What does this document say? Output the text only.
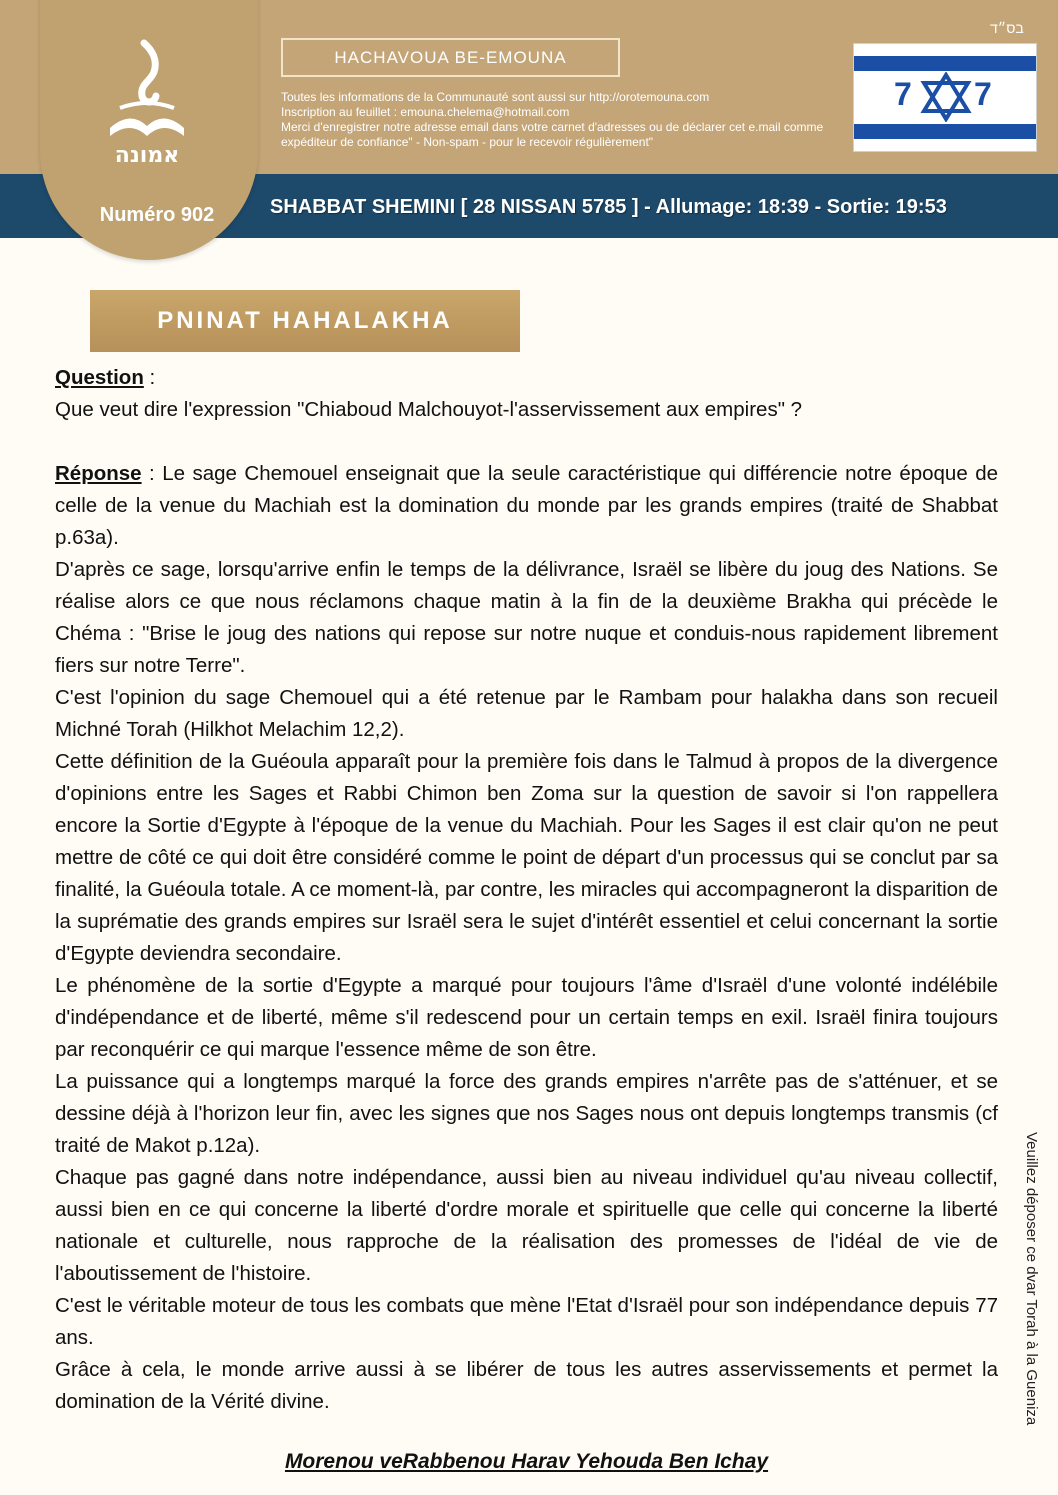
אמונה
Numéro 902
HACHAVOUA BE-EMOUNA
Toutes les informations de la Communauté sont aussi sur http://orotemouna.com
Inscription au feuillet : emouna.chelema@hotmail.com
Merci d'enregistrer notre adresse email dans votre carnet d'adresses ou de déclarer cet e.mail comme
expéditeur de confiance" - Non-spam - pour le recevoir régulièrement"
בס״ד
7 7
SHABBAT SHEMINI [ 28 NISSAN 5785 ] - Allumage: 18:39 - Sortie: 19:53
PNINAT HAHALAKHA

Question :

Que veut dire l'expression "Chiaboud Malchouyot-l'asservissement aux empires" ?

Réponse : Le sage Chemouel enseignait que la seule caractéristique qui différencie notre époque de celle de la venue du Machiah est la domination du monde par les grands empires (traité de Shabbat p.63a).

D'après ce sage, lorsqu'arrive enfin le temps de la délivrance, Israël se libère du joug des Nations. Se réalise alors ce que nous réclamons chaque matin à la fin de la deuxième Brakha qui précède le Chéma : "Brise le joug des nations qui repose sur notre nuque et conduis-nous rapidement librement fiers sur notre Terre".

C'est l'opinion du sage Chemouel qui a été retenue par le Rambam pour halakha dans son recueil Michné Torah (Hilkhot Melachim 12,2).

Cette définition de la Guéoula apparaît pour la première fois dans le Talmud à propos de la divergence d'opinions entre les Sages et Rabbi Chimon ben Zoma sur la question de savoir si l'on rappellera encore la Sortie d'Egypte à l'époque de la venue du Machiah. Pour les Sages il est clair qu'on ne peut mettre de côté ce qui doit être considéré comme le point de départ d'un processus qui se conclut par sa finalité, la Guéoula totale. A ce moment-là, par contre, les miracles qui accompagneront la disparition de la suprématie des grands empires sur Israël sera le sujet d'intérêt essentiel et celui concernant la sortie d'Egypte deviendra secondaire.

Le phénomène de la sortie d'Egypte a marqué pour toujours l'âme d'Israël d'une volonté indélébile d'indépendance et de liberté, même s'il redescend pour un certain temps en exil. Israël finira toujours par reconquérir ce qui marque l'essence même de son être.

La puissance qui a longtemps marqué la force des grands empires n'arrête pas de s'atténuer, et se dessine déjà à l'horizon leur fin, avec les signes que nos Sages nous ont depuis longtemps transmis (cf traité de Makot p.12a).

Chaque pas gagné dans notre indépendance, aussi bien au niveau individuel qu'au niveau collectif, aussi bien en ce qui concerne la liberté d'ordre morale et spirituelle que celle qui concerne la liberté nationale et culturelle, nous rapproche de la réalisation des promesses de l'idéal de vie de l'aboutissement de l'histoire.

C'est le véritable moteur de tous les combats que mène l'Etat d'Israël pour son indépendance depuis 77 ans.

Grâce à cela, le monde arrive aussi à se libérer de tous les autres asservissements et permet la domination de la Vérité divine.

Morenou veRabbenou Harav Yehouda Ben Ichay
Veuillez déposer ce dvar Torah à la Guenizа
